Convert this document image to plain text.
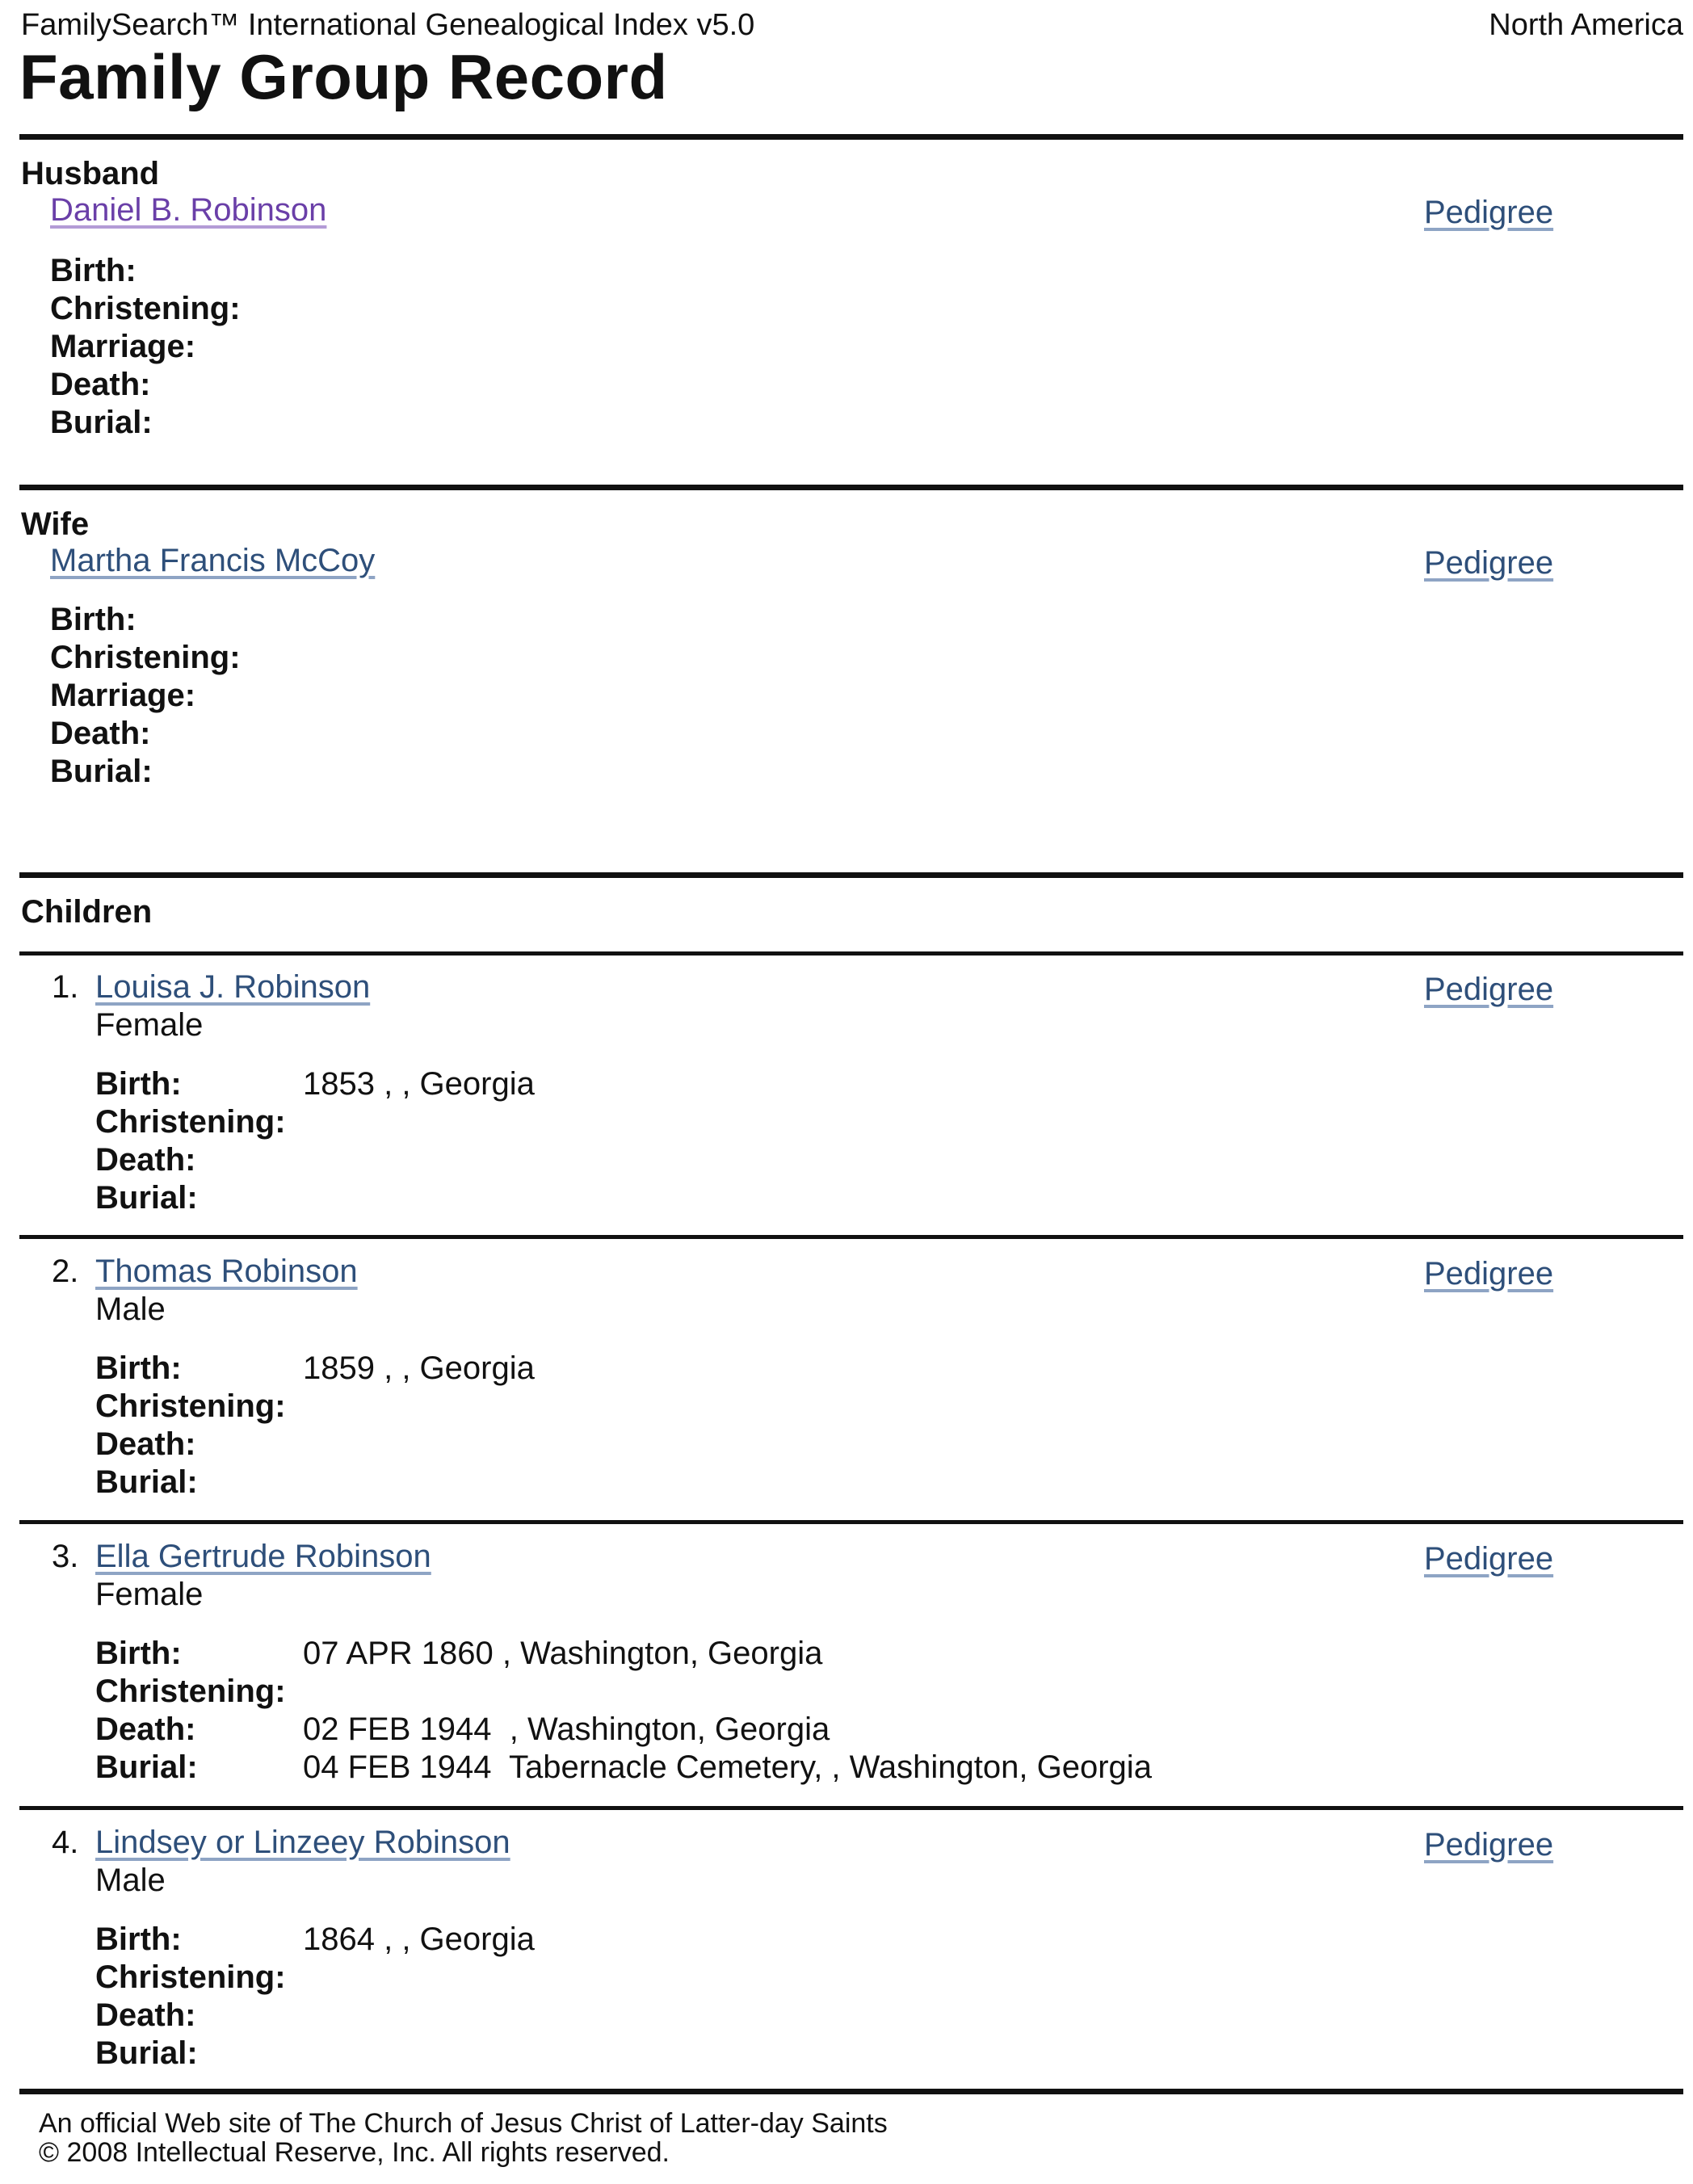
FamilySearch™ International Genealogical Index v5.0	North America
Family Group Record
Husband
Daniel B. Robinson	Pedigree
Birth:
Christening:
Marriage:
Death:
Burial:
Wife
Martha Francis McCoy	Pedigree
Birth:
Christening:
Marriage:
Death:
Burial:
Children
1. Louisa J. Robinson	Pedigree
Female
Birth:	1853 , , Georgia
Christening:
Death:
Burial:
2. Thomas Robinson	Pedigree
Male
Birth:	1859 , , Georgia
Christening:
Death:
Burial:
3. Ella Gertrude Robinson	Pedigree
Female
Birth:	07 APR 1860 , Washington, Georgia
Christening:
Death:	02 FEB 1944  , Washington, Georgia
Burial:	04 FEB 1944  Tabernacle Cemetery, , Washington, Georgia
4. Lindsey or Linzeey Robinson	Pedigree
Male
Birth:	1864 , , Georgia
Christening:
Death:
Burial:
An official Web site of The Church of Jesus Christ of Latter-day Saints
© 2008 Intellectual Reserve, Inc. All rights reserved.
